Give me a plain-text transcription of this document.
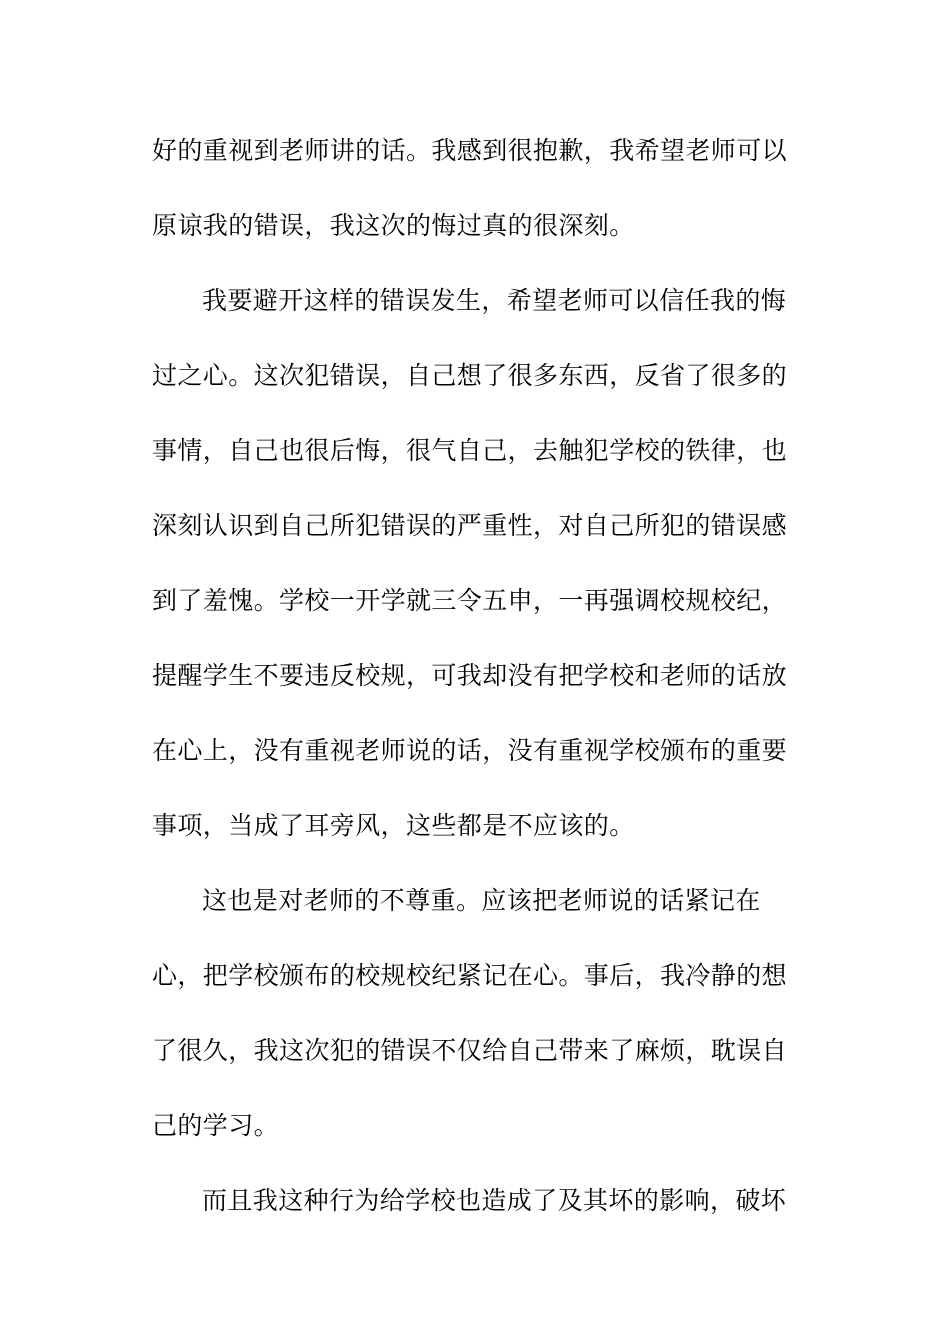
好的重视到老师讲的话。我感到很抱歉，我希望老师可以
原谅我的错误，我这次的悔过真的很深刻。
我要避开这样的错误发生，希望老师可以信任我的悔
过之心。这次犯错误，自己想了很多东西，反省了很多的
事情，自己也很后悔，很气自己，去触犯学校的铁律，也
深刻认识到自己所犯错误的严重性，对自己所犯的错误感
到了羞愧。学校一开学就三令五申，一再强调校规校纪，
提醒学生不要违反校规，可我却没有把学校和老师的话放
在心上，没有重视老师说的话，没有重视学校颁布的重要
事项，当成了耳旁风，这些都是不应该的。
这也是对老师的不尊重。应该把老师说的话紧记在
心，把学校颁布的校规校纪紧记在心。事后，我冷静的想
了很久，我这次犯的错误不仅给自己带来了麻烦，耽误自
己的学习。
而且我这种行为给学校也造成了及其坏的影响，破坏
